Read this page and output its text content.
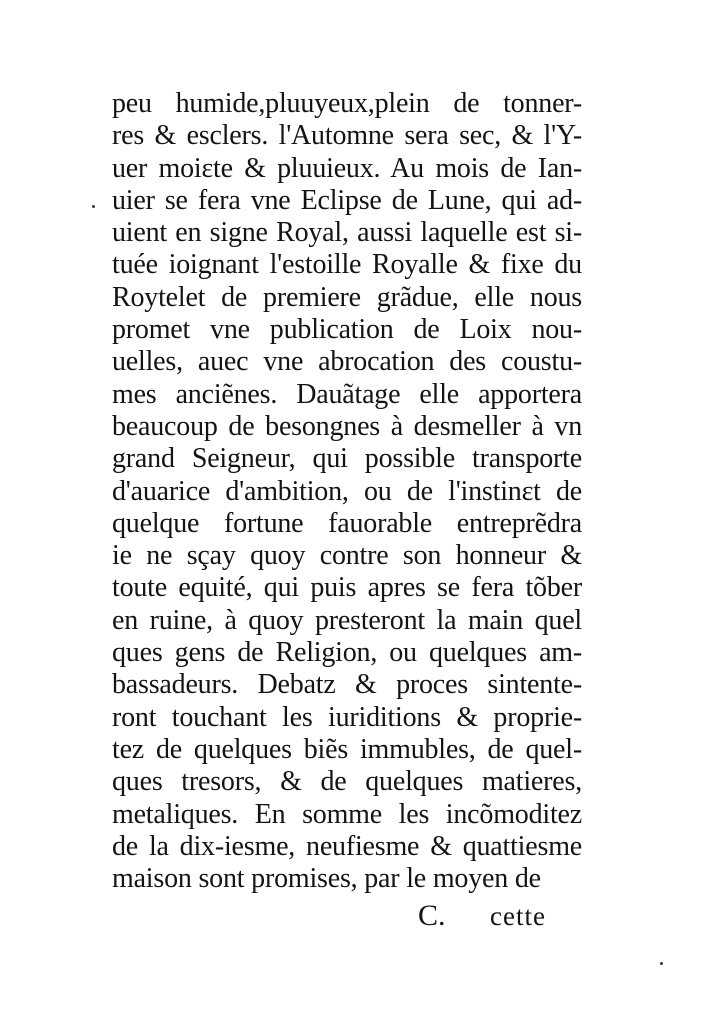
peu humide,pluuyeux,plein de tonner-
res & esclers. l'Automne sera sec, & l'Y-
uer moiɛte & pluuieux. Au mois de Ian-
uier se fera vne Eclipse de Lune, qui ad-
uient en signe Royal, aussi laquelle est si-
tuée ioignant l'estoille Royalle & fixe du
Roytelet de premiere grãdue, elle nous
promet vne publication de Loix nou-
uelles, auec vne abrocation des coustu-
mes anciẽnes. Dauãtage elle apportera
beaucoup de besongnes à desmeller à vn
grand Seigneur, qui possible transporte
d'auarice d'ambition, ou de l'instinɛt de
quelque fortune fauorable entreprẽdra
ie ne sçay quoy contre son honneur &
toute equité, qui puis apres se fera tõber
en ruine, à quoy presteront la main quel
ques gens de Religion, ou quelques am-
bassadeurs. Debatz & proces sintente-
ront touchant les iuriditions & propriе-
tez de quelques biẽs immubles, de quel-
ques tresors, & de quelques matieres,
metaliques. En somme les incõmoditez
de la dix-iesme, neufiesme & quattiesme
maison sont promises, par le moyen de
C. cette
